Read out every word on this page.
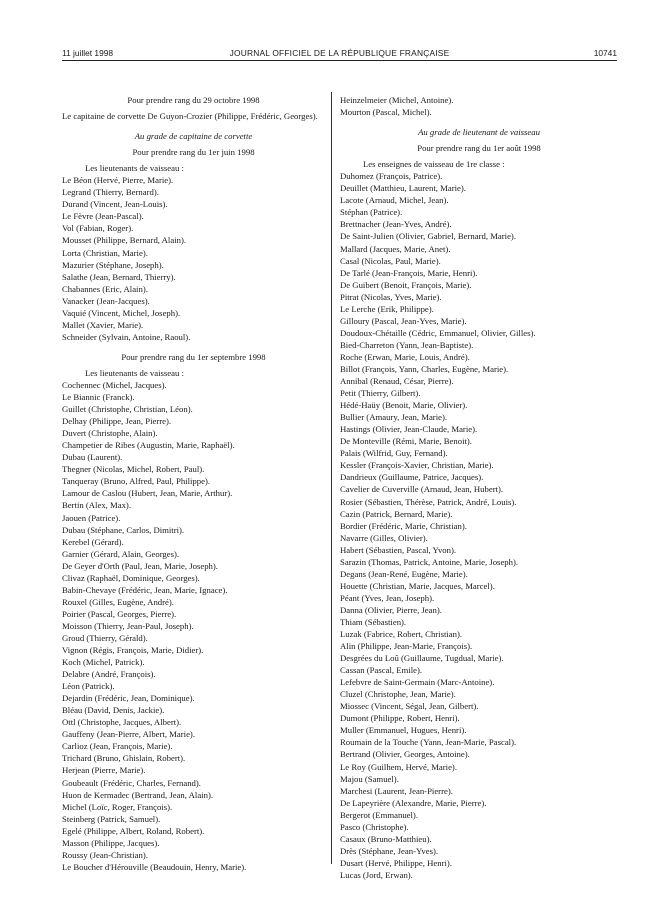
11 juillet 1998	JOURNAL OFFICIEL DE LA RÉPUBLIQUE FRANÇAISE	10741
Pour prendre rang du 29 octobre 1998
Le capitaine de corvette De Guyon-Crozier (Philippe, Frédéric, Georges).
Au grade de capitaine de corvette
Pour prendre rang du 1er juin 1998
Les lieutenants de vaisseau :
Le Béon (Hervé, Pierre, Marie).
Legrand (Thierry, Bernard).
Durand (Vincent, Jean-Louis).
Le Fèvre (Jean-Pascal).
Vol (Fabian, Roger).
Mousset (Philippe, Bernard, Alain).
Lorta (Christian, Marie).
Mazurier (Stéphane, Joseph).
Salathe (Jean, Bernard, Thierry).
Chabannes (Eric, Alain).
Vanacker (Jean-Jacques).
Vaquié (Vincent, Michel, Joseph).
Mallet (Xavier, Marie).
Schneider (Sylvain, Antoine, Raoul).
Pour prendre rang du 1er septembre 1998
Les lieutenants de vaisseau :
Cochennec (Michel, Jacques).
Le Biannic (Franck).
Guillet (Christophe, Christian, Léon).
Delhay (Philippe, Jean, Pierre).
Duvert (Christophe, Alain).
Champetier de Ribes (Augustin, Marie, Raphaël).
Dubau (Laurent).
Thegner (Nicolas, Michel, Robert, Paul).
Tanqueray (Bruno, Alfred, Paul, Philippe).
Lamour de Caslou (Hubert, Jean, Marie, Arthur).
Bertin (Alex, Max).
Jaouen (Patrice).
Dubau (Stéphane, Carlos, Dimitri).
Kerebel (Gérard).
Garnier (Gérard, Alain, Georges).
De Geyer d'Orth (Paul, Jean, Marie, Joseph).
Clivaz (Raphaël, Dominique, Georges).
Babin-Chevaye (Frédéric, Jean, Marie, Ignace).
Rouxel (Gilles, Eugène, André).
Poirier (Pascal, Georges, Pierre).
Moisson (Thierry, Jean-Paul, Joseph).
Groud (Thierry, Gérald).
Vignon (Régis, François, Marie, Didier).
Koch (Michel, Patrick).
Delabre (André, François).
Léon (Patrick).
Dejardin (Frédéric, Jean, Dominique).
Bléau (David, Denis, Jackie).
Ottl (Christophe, Jacques, Albert).
Gauffeny (Jean-Pierre, Albert, Marie).
Carlioz (Jean, François, Marie).
Trichard (Bruno, Ghislain, Robert).
Herjean (Pierre, Marie).
Goubeault (Frédéric, Charles, Fernand).
Huon de Kermadec (Bertrand, Jean, Alain).
Michel (Loïc, Roger, François).
Steinberg (Patrick, Samuel).
Egelé (Philippe, Albert, Roland, Robert).
Masson (Philippe, Jacques).
Roussy (Jean-Christian).
Le Boucher d'Hérouville (Beaudouin, Henry, Marie).
Heinzelmeier (Michel, Antoine).
Mourton (Pascal, Michel).
Au grade de lieutenant de vaisseau
Pour prendre rang du 1er août 1998
Les enseignes de vaisseau de 1re classe :
Duhomez (François, Patrice).
Deuillet (Matthieu, Laurent, Marie).
Lacote (Arnaud, Michel, Jean).
Stéphan (Patrice).
Brettnacher (Jean-Yves, André).
De Saint-Julien (Olivier, Gabriel, Bernard, Marie).
Mallard (Jacques, Marie, Anet).
Casal (Nicolas, Paul, Marie).
De Tarlé (Jean-François, Marie, Henri).
De Guibert (Benoit, François, Marie).
Pitrat (Nicolas, Yves, Marie).
Le Lerche (Erik, Philippe).
Gilloury (Pascal, Jean-Yves, Marie).
Doudoux-Chétaille (Cédric, Emmanuel, Olivier, Gilles).
Bied-Charreton (Yann, Jean-Baptiste).
Roche (Erwan, Marie, Louis, André).
Billot (François, Yann, Charles, Eugène, Marie).
Annibal (Renaud, César, Pierre).
Petit (Thierry, Gilbert).
Hédé-Haüy (Benoit, Marie, Olivier).
Bullier (Amaury, Jean, Marie).
Hastings (Olivier, Jean-Claude, Marie).
De Monteville (Rémi, Marie, Benoit).
Palais (Wilfrid, Guy, Fernand).
Kessler (François-Xavier, Christian, Marie).
Dandrieux (Guillaume, Patrice, Jacques).
Cavelier de Cuverville (Arnaud, Jean, Hubert).
Rosier (Sébastien, Thérèse, Patrick, André, Louis).
Cazin (Patrick, Bernard, Marie).
Bordier (Frédéric, Marie, Christian).
Navarre (Gilles, Olivier).
Habert (Sébastien, Pascal, Yvon).
Sarazin (Thomas, Patrick, Antoine, Marie, Joseph).
Degans (Jean-René, Eugène, Marie).
Houette (Christian, Marie, Jacques, Marcel).
Péant (Yves, Jean, Joseph).
Danna (Olivier, Pierre, Jean).
Thiam (Sébastien).
Luzak (Fabrice, Robert, Christian).
Alin (Philippe, Jean-Marie, François).
Desgrées du Loû (Guillaume, Tugdual, Marie).
Cassan (Pascal, Emile).
Lefebvre de Saint-Germain (Marc-Antoine).
Cluzel (Christophe, Jean, Marie).
Miossec (Vincent, Ségal, Jean, Gilbert).
Dumont (Philippe, Robert, Henri).
Muller (Emmanuel, Hugues, Henri).
Roumain de la Touche (Yann, Jean-Marie, Pascal).
Bertrand (Olivier, Georges, Antoine).
Le Roy (Guilhem, Hervé, Marie).
Majou (Samuel).
Marchesi (Laurent, Jean-Pierre).
De Lapeyrière (Alexandre, Marie, Pierre).
Bergerot (Emmanuel).
Pasco (Christophe).
Casaux (Bruno-Matthieu).
Drès (Stéphane, Jean-Yves).
Dusart (Hervé, Philippe, Henri).
Lucas (Jord, Erwan).
